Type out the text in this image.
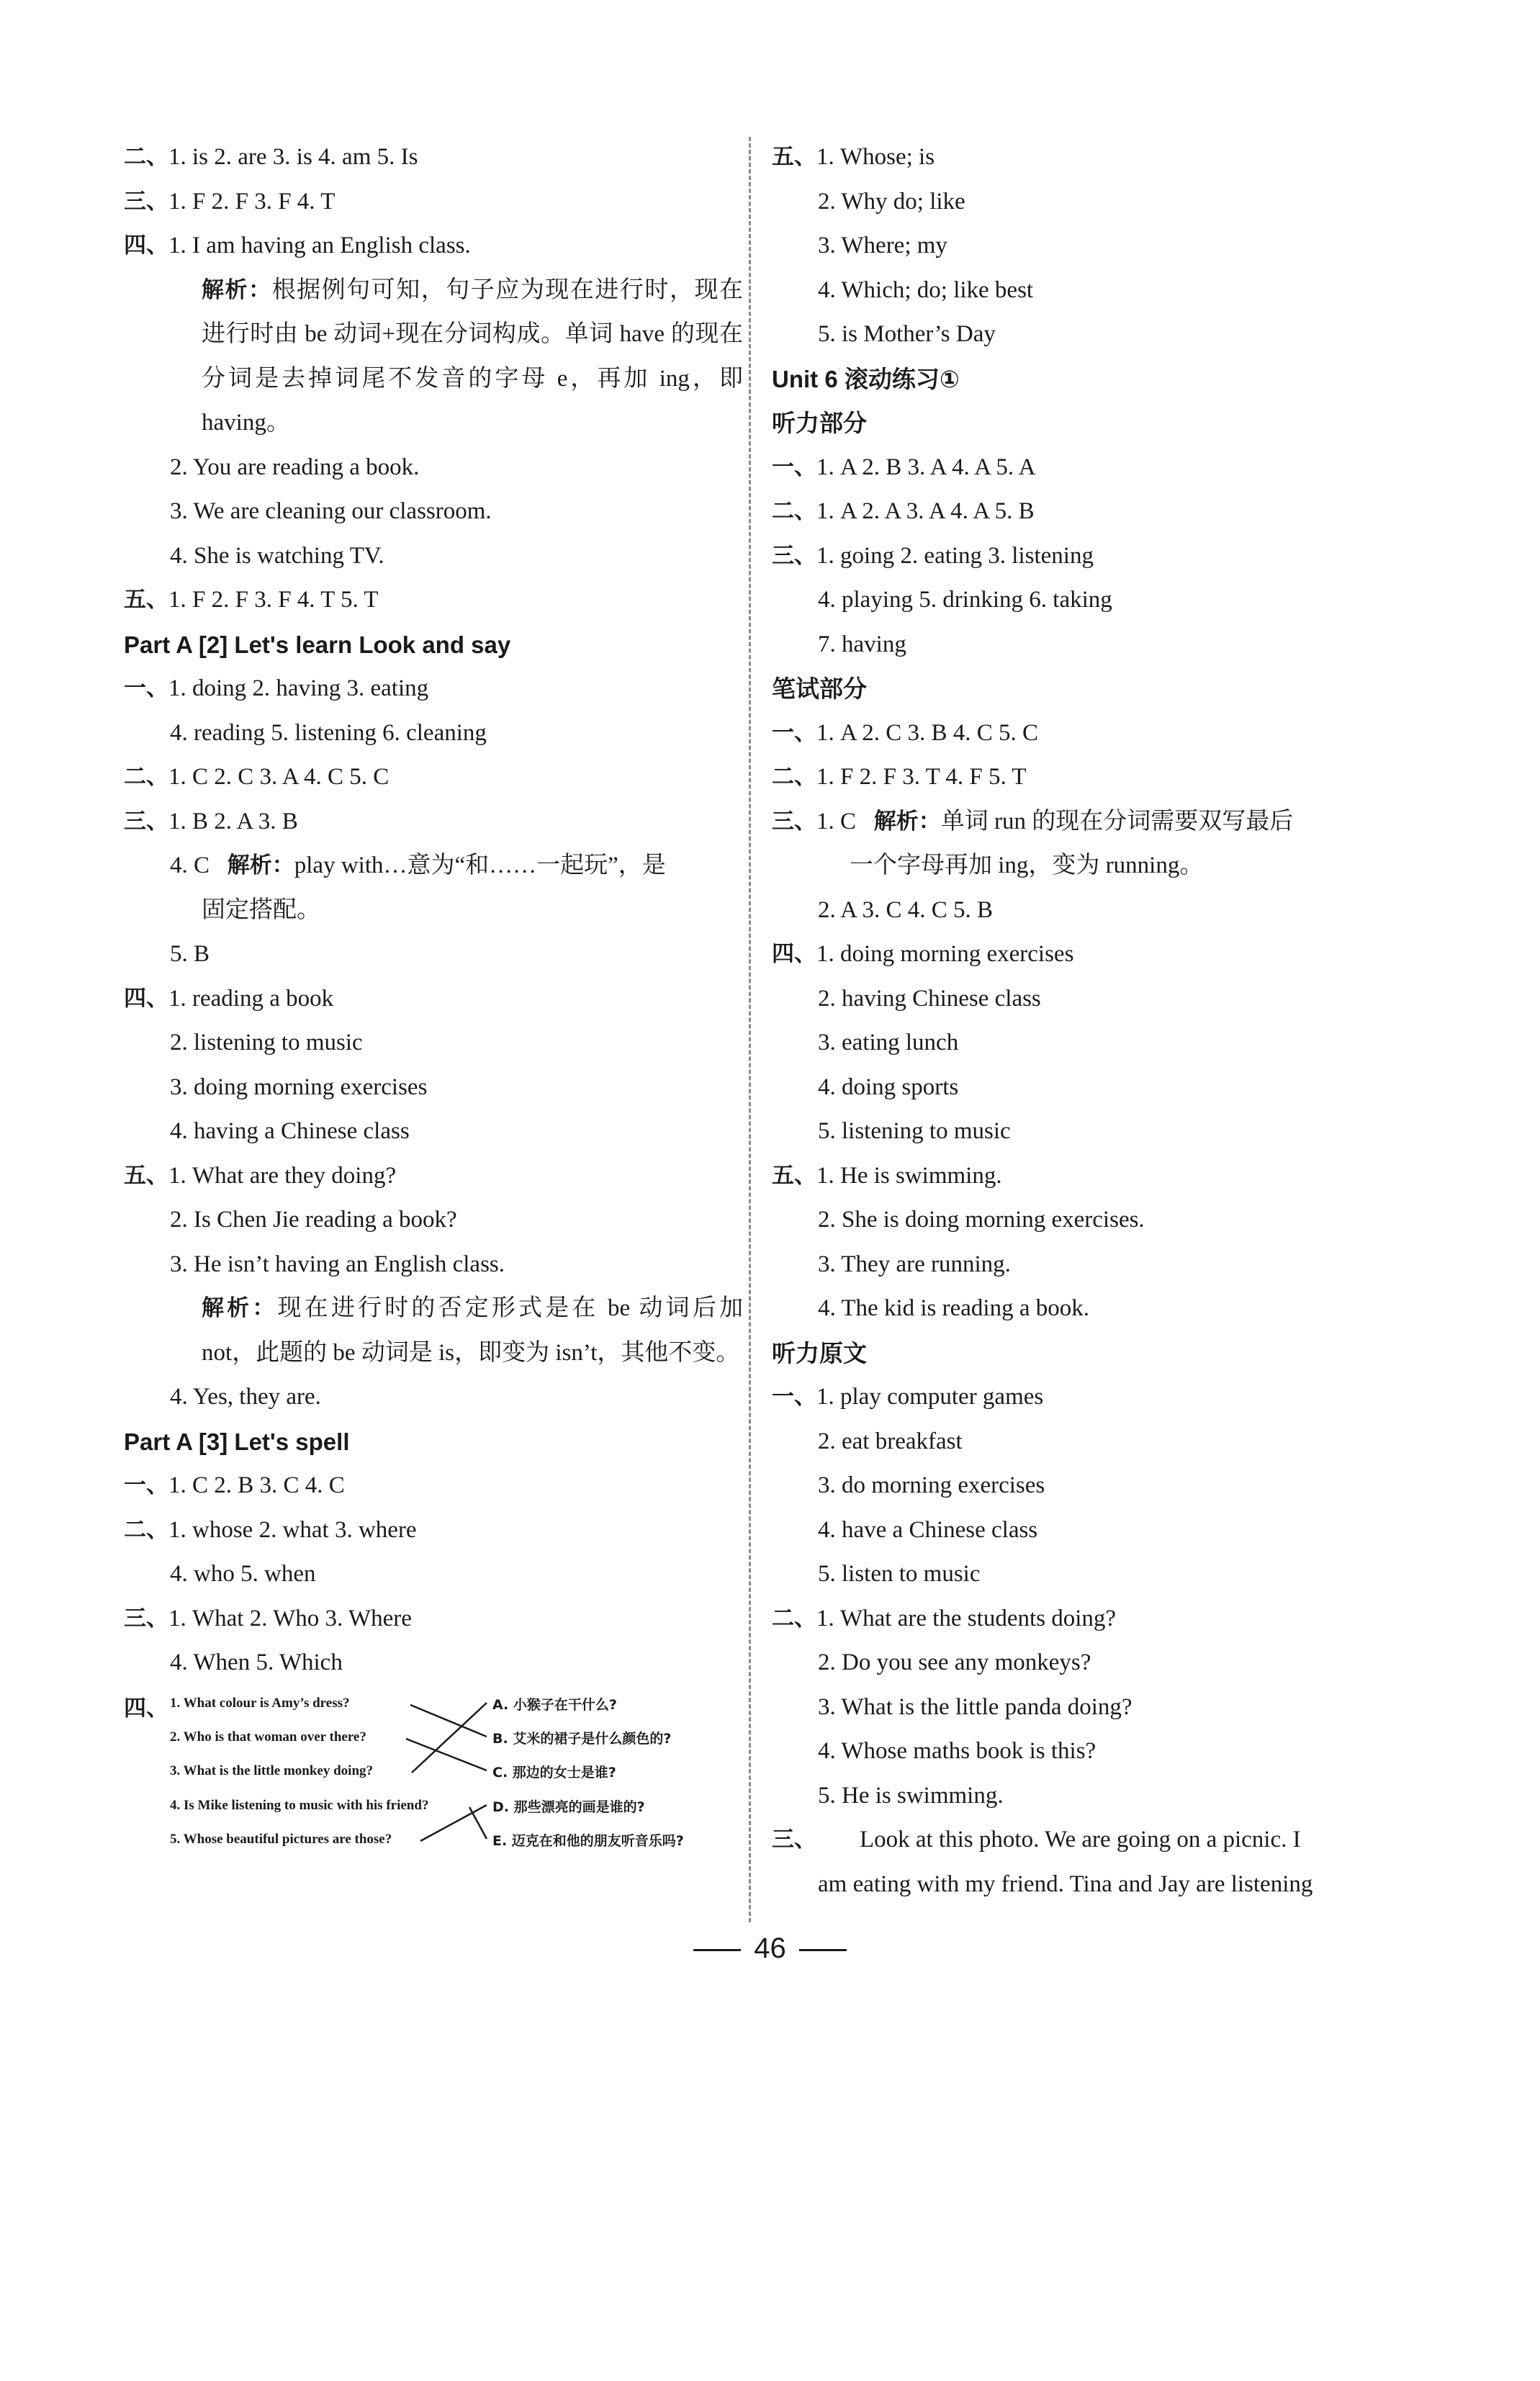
二、1. is 2. are 3. is 4. am 5. Is
三、1. F 2. F 3. F 4. T
四、1. I am having an English class.
解析：根据例句可知，句子应为现在进行时，现在进行时由 be 动词+现在分词构成。单词 have 的现在分词是去掉词尾不发音的字母 e，再加 ing，即 having。
2. You are reading a book.
3. We are cleaning our classroom.
4. She is watching TV.
五、1. F 2. F 3. F 4. T 5. T
Part A [2] Let's learn Look and say
一、1. doing 2. having 3. eating
4. reading 5. listening 6. cleaning
二、1. C 2. C 3. A 4. C 5. C
三、1. B 2. A 3. B
4. C 解析：play with…意为“和……一起玩”，是
固定搭配。
5. B
四、1. reading a book
2. listening to music
3. doing morning exercises
4. having a Chinese class
五、1. What are they doing?
2. Is Chen Jie reading a book?
3. He isn’t having an English class.
解析：现在进行时的否定形式是在 be 动词后加 not，此题的 be 动词是 is，即变为 isn’t，其他不变。
4. Yes, they are.
Part A [3] Let's spell
一、1. C 2. B 3. C 4. C
二、1. whose 2. what 3. where
4. who 5. when
三、1. What 2. Who 3. Where
4. When 5. Which
四、 1. What colour is Amy’s dress?
2. Who is that woman over there?
3. What is the little monkey doing?
4. Is Mike listening to music with his friend?
5. Whose beautiful pictures are those?
A. 小猴子在干什么?
B. 艾米的裙子是什么颜色的?
C. 那边的女士是谁?
D. 那些漂亮的画是谁的?
E. 迈克在和他的朋友听音乐吗?
五、1. Whose; is
2. Why do; like
3. Where; my
4. Which; do; like best
5. is Mother’s Day
Unit 6 滚动练习①
听力部分
一、1. A 2. B 3. A 4. A 5. A
二、1. A 2. A 3. A 4. A 5. B
三、1. going 2. eating 3. listening
4. playing 5. drinking 6. taking
7. having
笔试部分
一、1. A 2. C 3. B 4. C 5. C
二、1. F 2. F 3. T 4. F 5. T
三、1. C 解析：单词 run 的现在分词需要双写最后
一个字母再加 ing，变为 running。
2. A 3. C 4. C 5. B
四、1. doing morning exercises
2. having Chinese class
3. eating lunch
4. doing sports
5. listening to music
五、1. He is swimming.
2. She is doing morning exercises.
3. They are running.
4. The kid is reading a book.
听力原文
一、1. play computer games
2. eat breakfast
3. do morning exercises
4. have a Chinese class
5. listen to music
二、1. What are the students doing?
2. Do you see any monkeys?
3. What is the little panda doing?
4. Whose maths book is this?
5. He is swimming.
三、 Look at this photo. We are going on a picnic. I
am eating with my friend. Tina and Jay are listening
46
